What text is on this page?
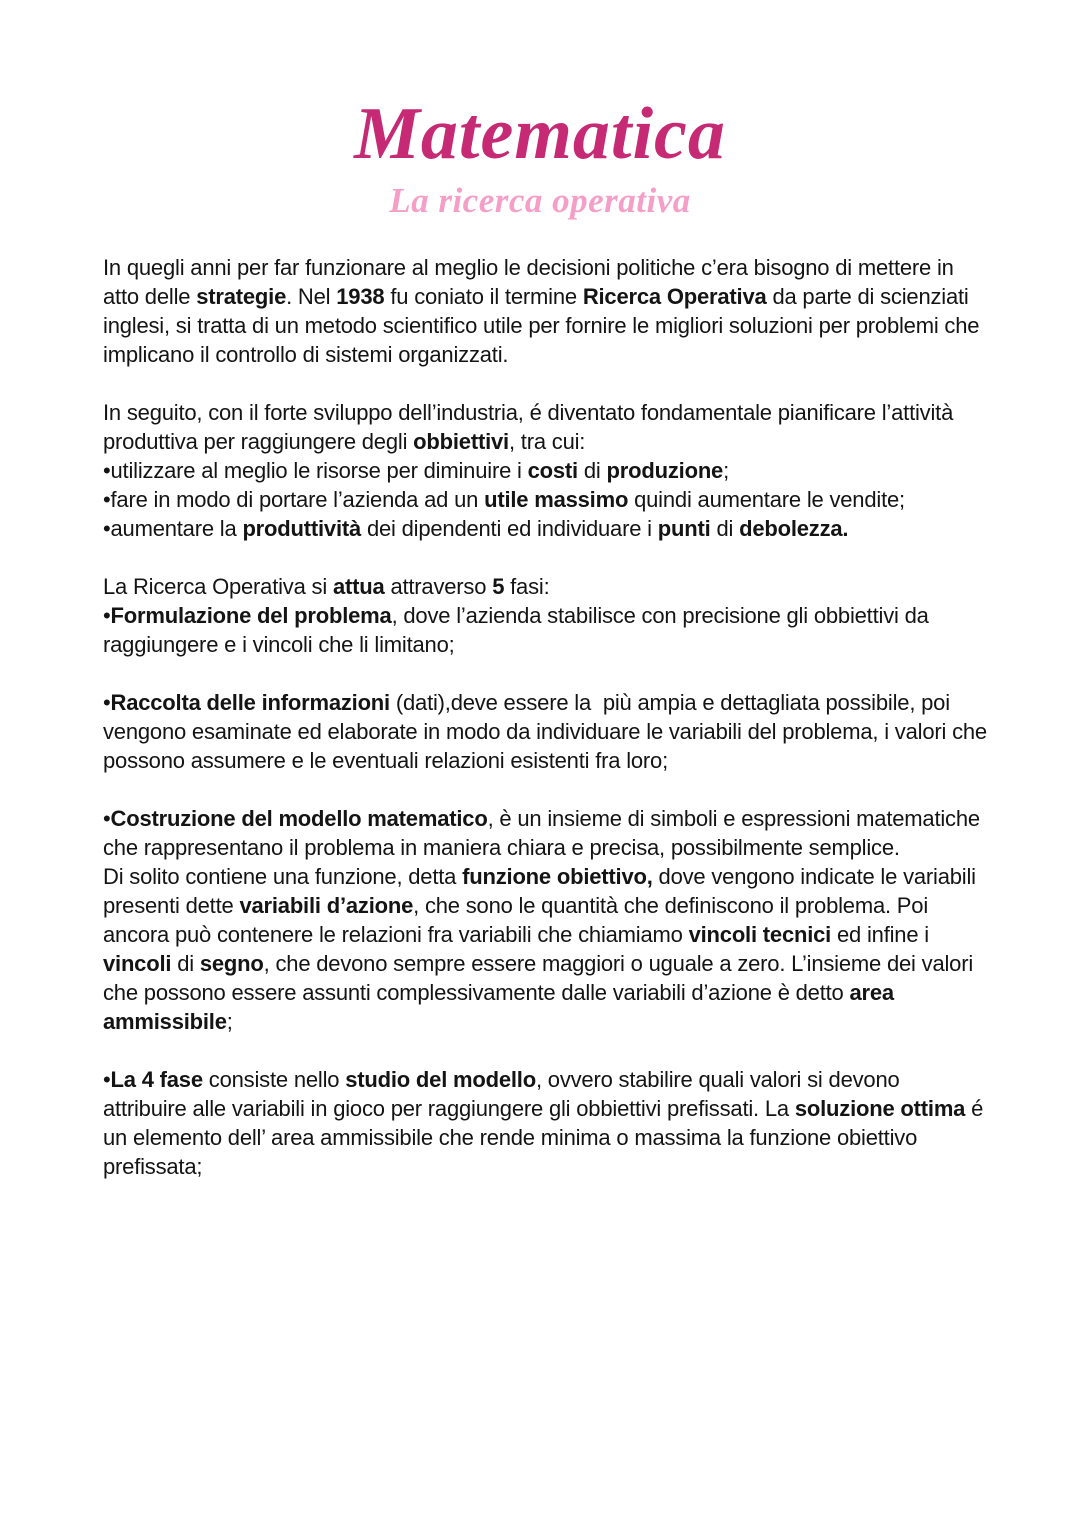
Matematica
La ricerca operativa

In quegli anni per far funzionare al meglio le decisioni politiche c’era bisogno di mettere in atto delle strategie. Nel 1938 fu coniato il termine Ricerca Operativa da parte di scienziati inglesi, si tratta di un metodo scientifico utile per fornire le migliori soluzioni per problemi che implicano il controllo di sistemi organizzati.

In seguito, con il forte sviluppo dell’industria, é diventato fondamentale pianificare l’attività produttiva per raggiungere degli obbiettivi, tra cui:

•utilizzare al meglio le risorse per diminuire i costi di produzione;

•fare in modo di portare l’azienda ad un utile massimo quindi aumentare le vendite;

•aumentare la produttività dei dipendenti ed individuare i punti di debolezza.

La Ricerca Operativa si attua attraverso 5 fasi:

•Formulazione del problema, dove l’azienda stabilisce con precisione gli obbiettivi da raggiungere e i vincoli che li limitano;

•Raccolta delle informazioni (dati),deve essere la  più ampia e dettagliata possibile, poi vengono esaminate ed elaborate in modo da individuare le variabili del problema, i valori che possono assumere e le eventuali relazioni esistenti fra loro;

•Costruzione del modello matematico, è un insieme di simboli e espressioni matematiche che rappresentano il problema in maniera chiara e precisa, possibilmente semplice.

Di solito contiene una funzione, detta funzione obiettivo, dove vengono indicate le variabili presenti dette variabili d’azione, che sono le quantità che definiscono il problema. Poi ancora può contenere le relazioni fra variabili che chiamiamo vincoli tecnici ed infine i vincoli di segno, che devono sempre essere maggiori o uguale a zero. L’insieme dei valori che possono essere assunti complessivamente dalle variabili d’azione è detto area ammissibile;

•La 4 fase consiste nello studio del modello, ovvero stabilire quali valori si devono attribuire alle variabili in gioco per raggiungere gli obbiettivi prefissati. La soluzione ottima é un elemento dell’ area ammissibile che rende minima o massima la funzione obiettivo prefissata;
